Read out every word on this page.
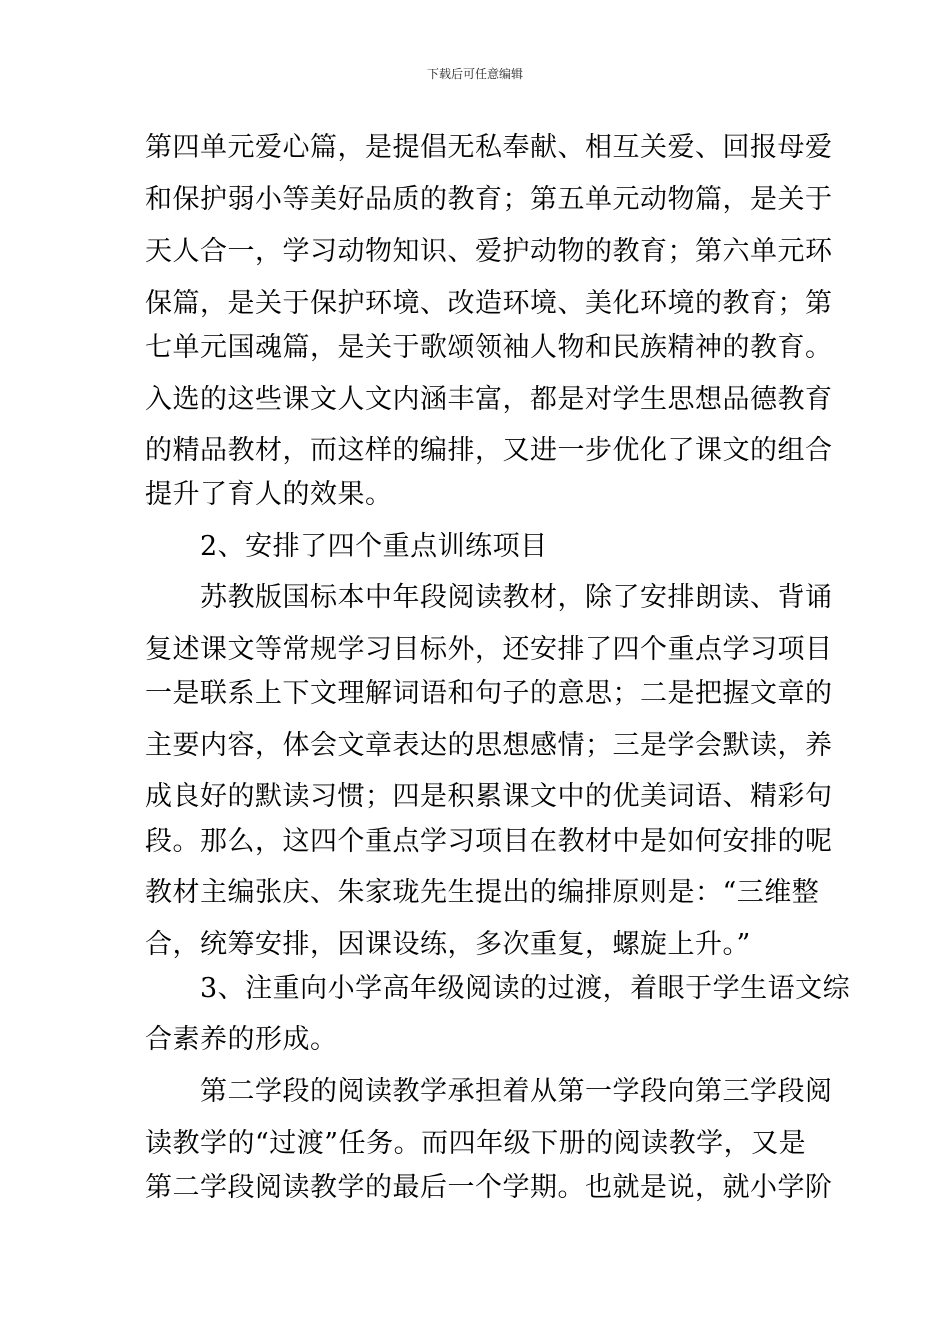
下载后可任意编辑
第四单元爱心篇，是提倡无私奉献、相互关爱、回报母爱
和保护弱小等美好品质的教育；第五单元动物篇，是关于
天人合一，学习动物知识、爱护动物的教育；第六单元环
保篇，是关于保护环境、改造环境、美化环境的教育；第
七单元国魂篇，是关于歌颂领袖人物和民族精神的教育。
入选的这些课文人文内涵丰富，都是对学生思想品德教育
的精品教材，而这样的编排，又进一步优化了课文的组合
提升了育人的效果。
　　2、安排了四个重点训练项目
　　苏教版国标本中年段阅读教材，除了安排朗读、背诵
复述课文等常规学习目标外，还安排了四个重点学习项目
一是联系上下文理解词语和句子的意思；二是把握文章的
主要内容，体会文章表达的思想感情；三是学会默读，养
成良好的默读习惯；四是积累课文中的优美词语、精彩句
段。那么，这四个重点学习项目在教材中是如何安排的呢
教材主编张庆、朱家珑先生提出的编排原则是：“三维整
合，统筹安排，因课设练，多次重复，螺旋上升。”
　　3、注重向小学高年级阅读的过渡，着眼于学生语文综
合素养的形成。
　　第二学段的阅读教学承担着从第一学段向第三学段阅
读教学的“过渡”任务。而四年级下册的阅读教学，又是
第二学段阅读教学的最后一个学期。也就是说，就小学阶
